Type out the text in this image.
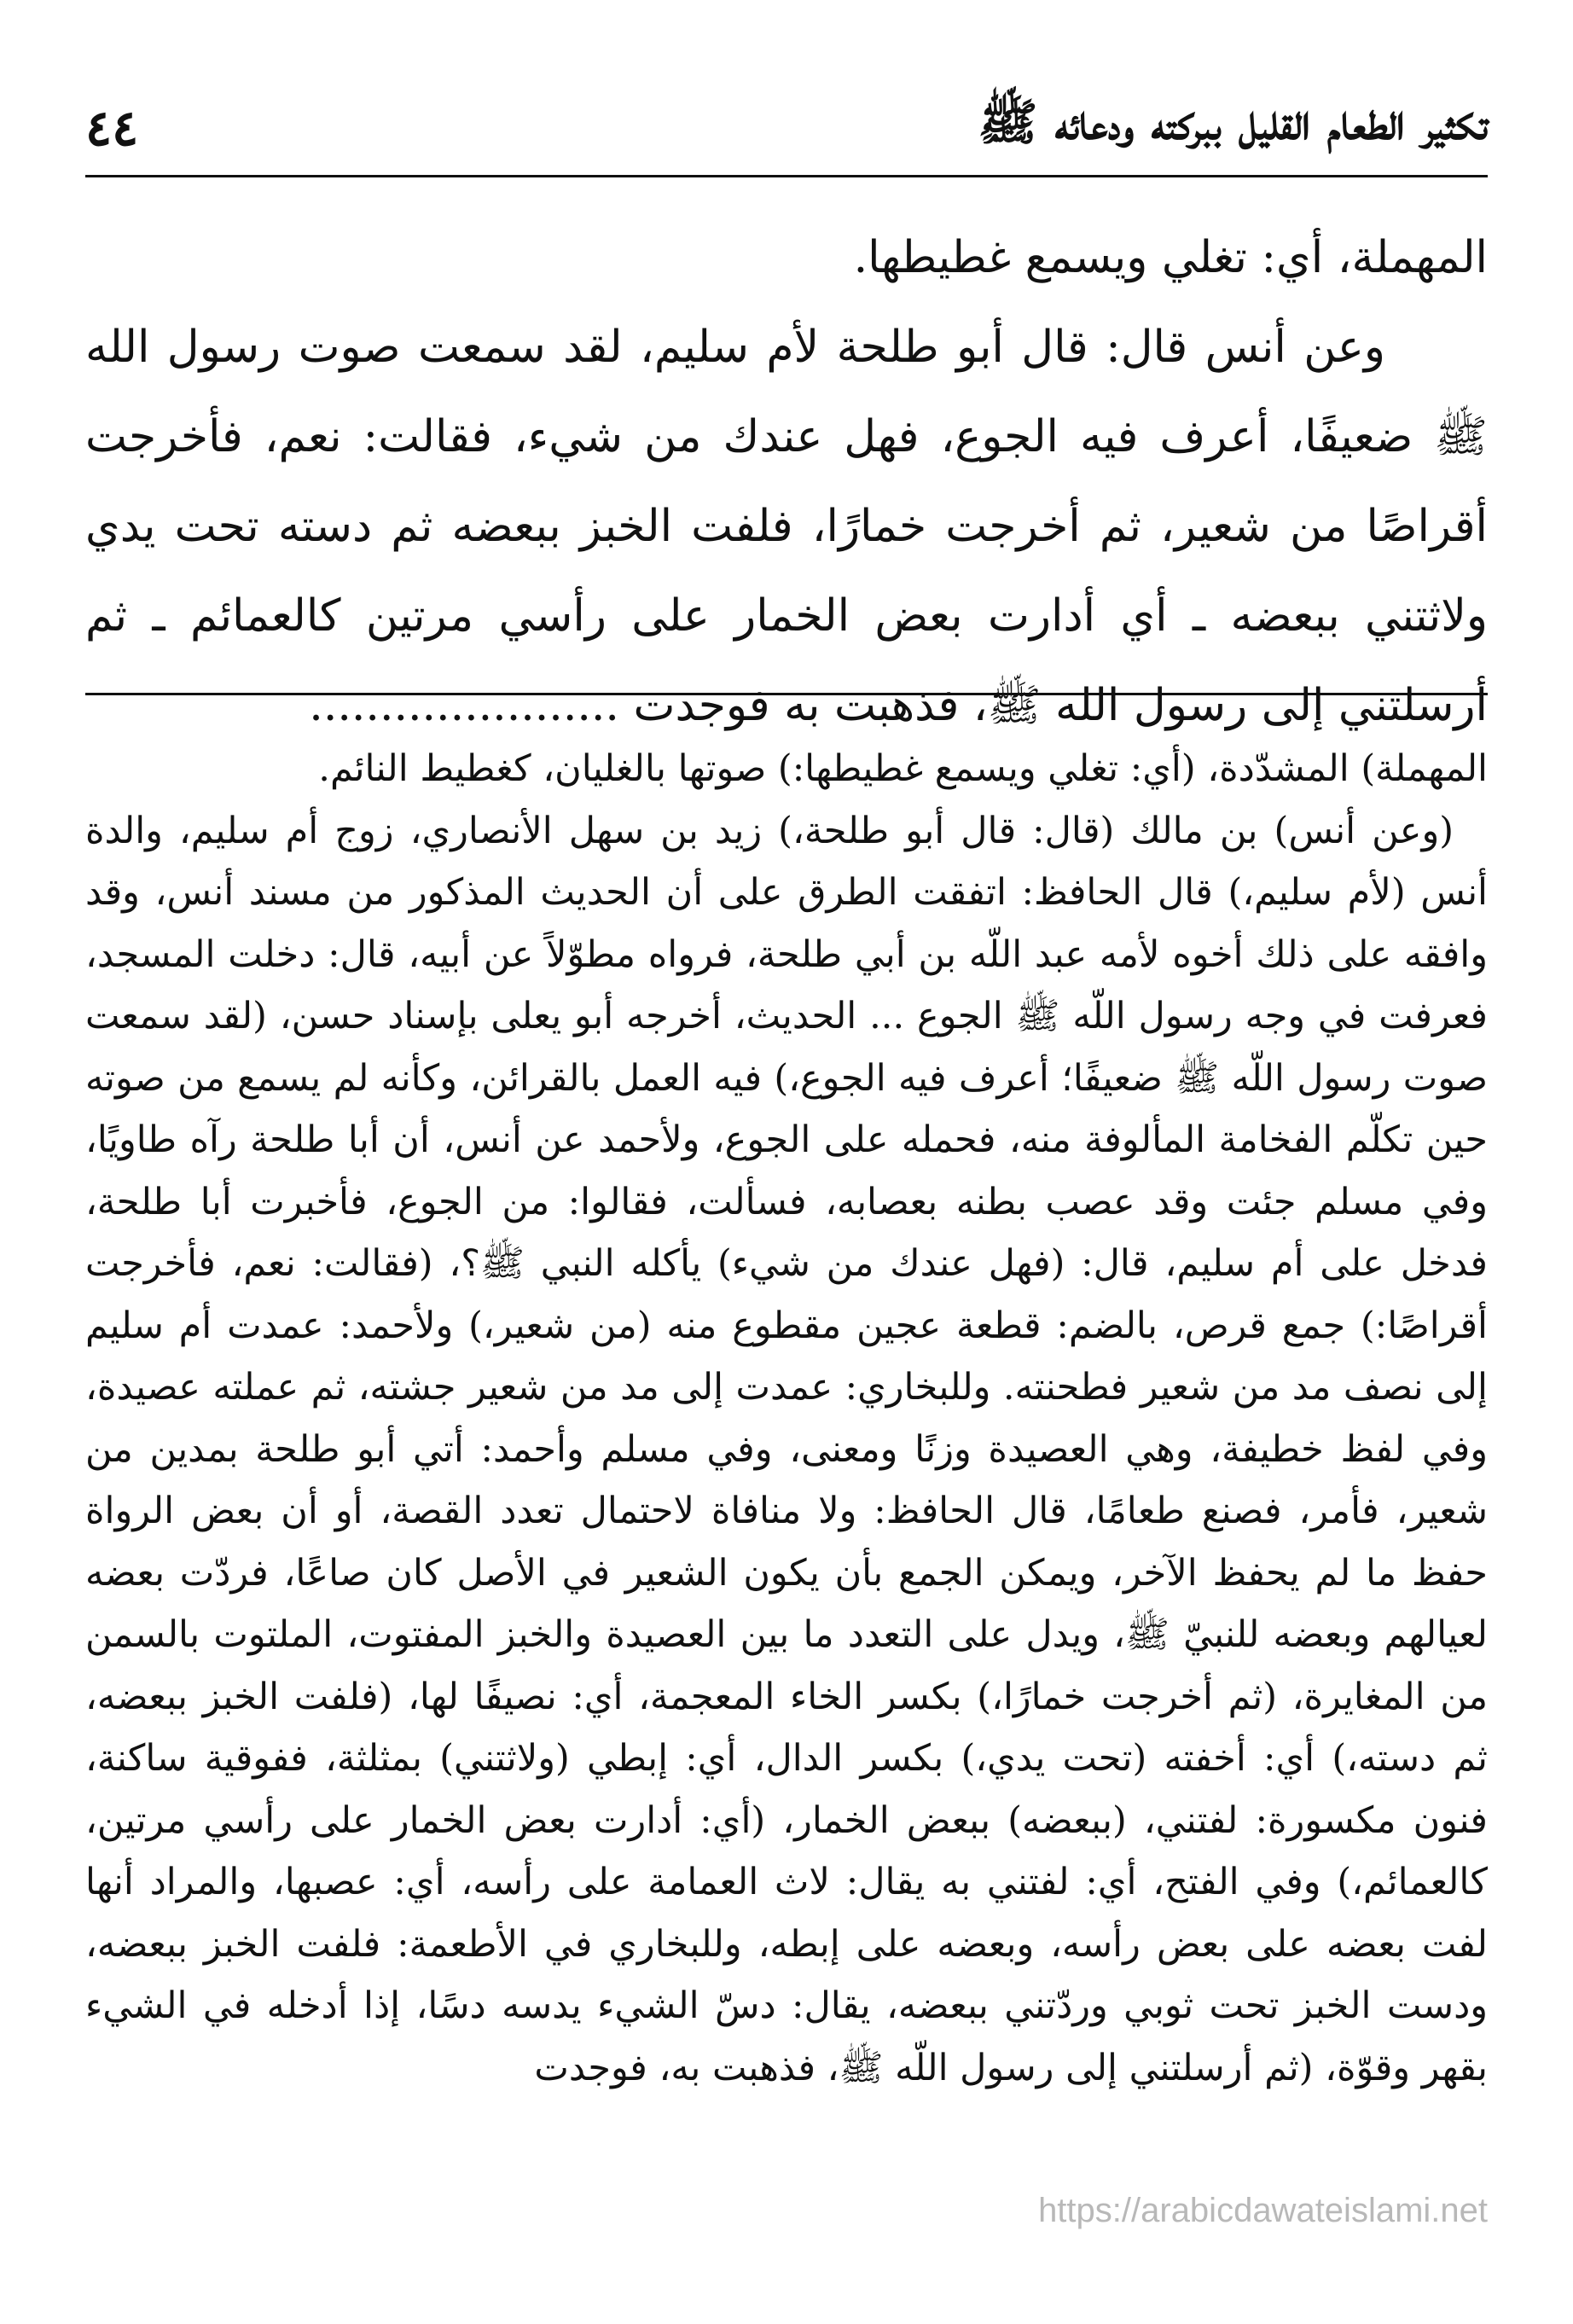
تكثير الطعام القليل ببركته ودعائه ﷺ
٤٤

المهملة، أي: تغلي ويسمع غطيطها.

وعن أنس قال: قال أبو طلحة لأم سليم، لقد سمعت صوت رسول الله ﷺ ضعيفًا، أعرف فيه الجوع، فهل عندك من شيء، فقالت: نعم، فأخرجت أقراصًا من شعير، ثم أخرجت خمارًا، فلفت الخبز ببعضه ثم دسته تحت يدي ولاثتني ببعضه ـ أي أدارت بعض الخمار على رأسي مرتين كالعمائم ـ ثم أرسلتني إلى رسول الله ﷺ، فذهبت به فوجدت ......................

المهملة) المشدّدة، (أي: تغلي ويسمع غطيطها:) صوتها بالغليان، كغطيط النائم.

(وعن أنس) بن مالك (قال: قال أبو طلحة،) زيد بن سهل الأنصاري، زوج أم سليم، والدة أنس (لأم سليم،) قال الحافظ: اتفقت الطرق على أن الحديث المذكور من مسند أنس، وقد وافقه على ذلك أخوه لأمه عبد اللّه بن أبي طلحة، فرواه مطوّلاً عن أبيه، قال: دخلت المسجد، فعرفت في وجه رسول اللّه ﷺ الجوع ... الحديث، أخرجه أبو يعلى بإسناد حسن، (لقد سمعت صوت رسول اللّه ﷺ ضعيفًا؛ أعرف فيه الجوع،) فيه العمل بالقرائن، وكأنه لم يسمع من صوته حين تكلّم الفخامة المألوفة منه، فحمله على الجوع، ولأحمد عن أنس، أن أبا طلحة رآه طاويًا، وفي مسلم جئت وقد عصب بطنه بعصابه، فسألت، فقالوا: من الجوع، فأخبرت أبا طلحة، فدخل على أم سليم، قال: (فهل عندك من شيء) يأكله النبي ﷺ؟، (فقالت: نعم، فأخرجت أقراصًا:) جمع قرص، بالضم: قطعة عجين مقطوع منه (من شعير،) ولأحمد: عمدت أم سليم إلى نصف مد من شعير فطحنته. وللبخاري: عمدت إلى مد من شعير جشته، ثم عملته عصيدة، وفي لفظ خطيفة، وهي العصيدة وزنًا ومعنى، وفي مسلم وأحمد: أتي أبو طلحة بمدين من شعير، فأمر، فصنع طعامًا، قال الحافظ: ولا منافاة لاحتمال تعدد القصة، أو أن بعض الرواة حفظ ما لم يحفظ الآخر، ويمكن الجمع بأن يكون الشعير في الأصل كان صاعًا، فردّت بعضه لعيالهم وبعضه للنبيّ ﷺ، ويدل على التعدد ما بين العصيدة والخبز المفتوت، الملتوت بالسمن من المغايرة، (ثم أخرجت خمارًا،) بكسر الخاء المعجمة، أي: نصيفًا لها، (فلفت الخبز ببعضه، ثم دسته،) أي: أخفته (تحت يدي،) بكسر الدال، أي: إبطي (ولاثتني) بمثلثة، ففوقية ساكنة، فنون مكسورة: لفتني، (ببعضه) ببعض الخمار، (أي: أدارت بعض الخمار على رأسي مرتين، كالعمائم،) وفي الفتح، أي: لفتني به يقال: لاث العمامة على رأسه، أي: عصبها، والمراد أنها لفت بعضه على بعض رأسه، وبعضه على إبطه، وللبخاري في الأطعمة: فلفت الخبز ببعضه، ودست الخبز تحت ثوبي وردّتني ببعضه، يقال: دسّ الشيء يدسه دسًا، إذا أدخله في الشيء بقهر وقوّة، (ثم أرسلتني إلى رسول اللّه ﷺ، فذهبت به، فوجدت

https://arabicdawateislami.net
